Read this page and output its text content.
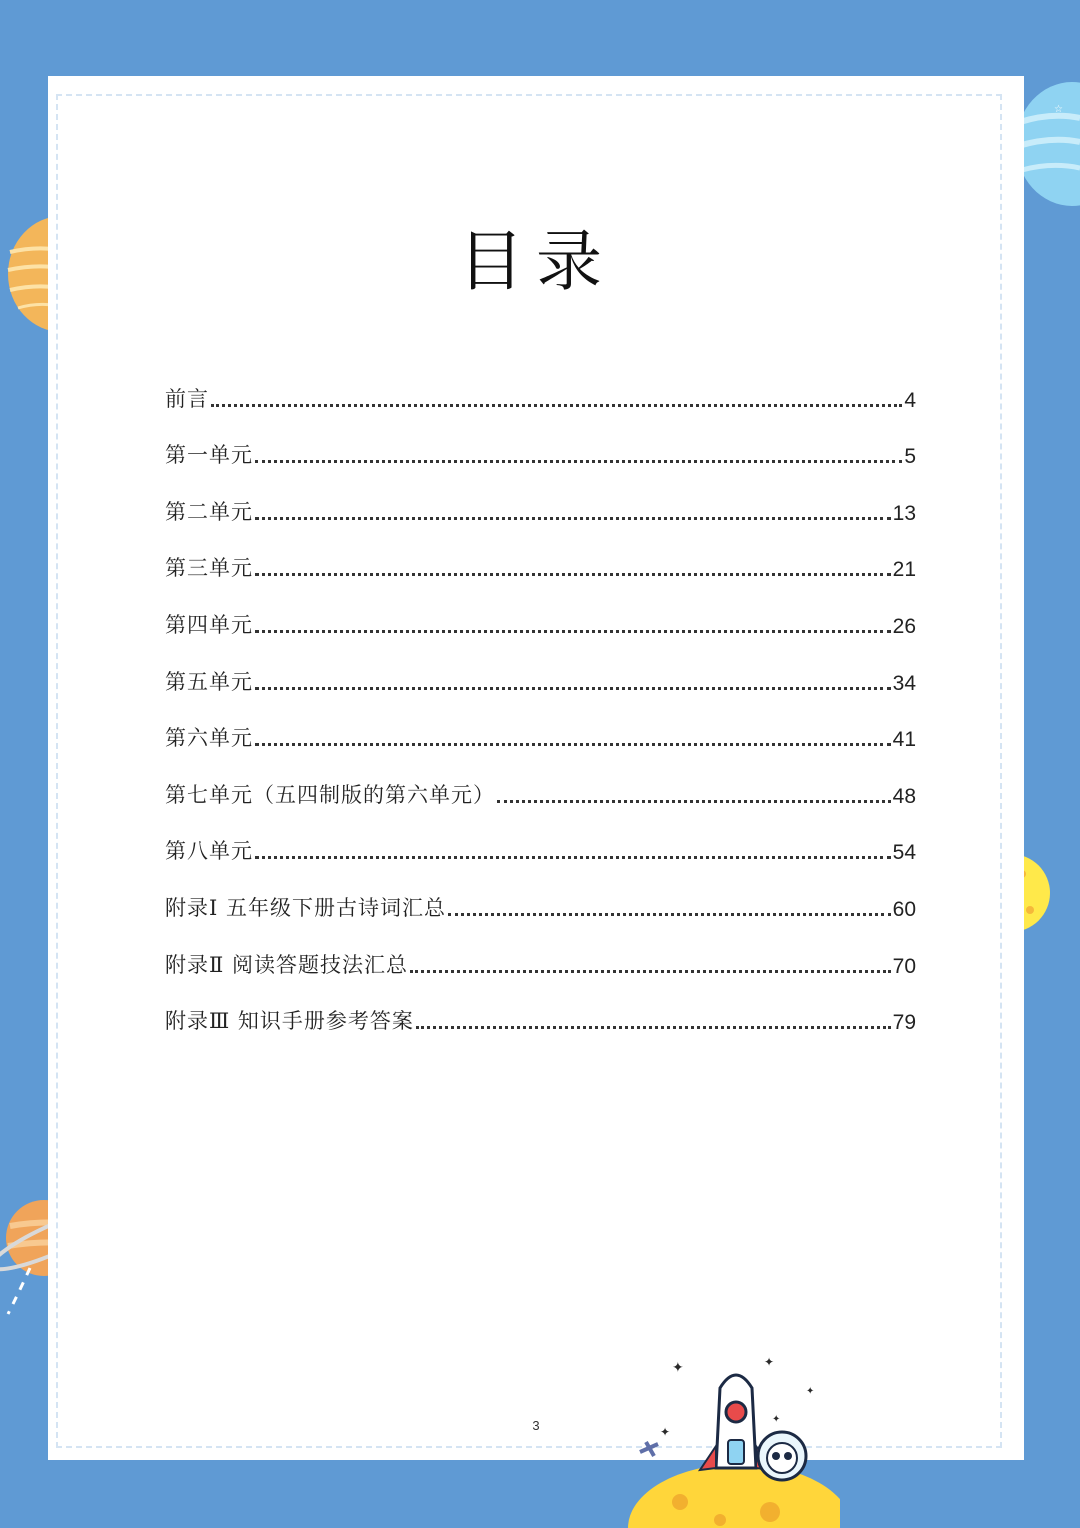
☆
目录
前言	4
第一单元	5
第二单元	13
第三单元	21
第四单元	26
第五单元	34
第六单元	41
第七单元（五四制版的第六单元）	48
第八单元	54
附录Ⅰ 五年级下册古诗词汇总	60
附录Ⅱ 阅读答题技法汇总	70
附录Ⅲ 知识手册参考答案	79
3
✦	✦
✦
✦
✦
